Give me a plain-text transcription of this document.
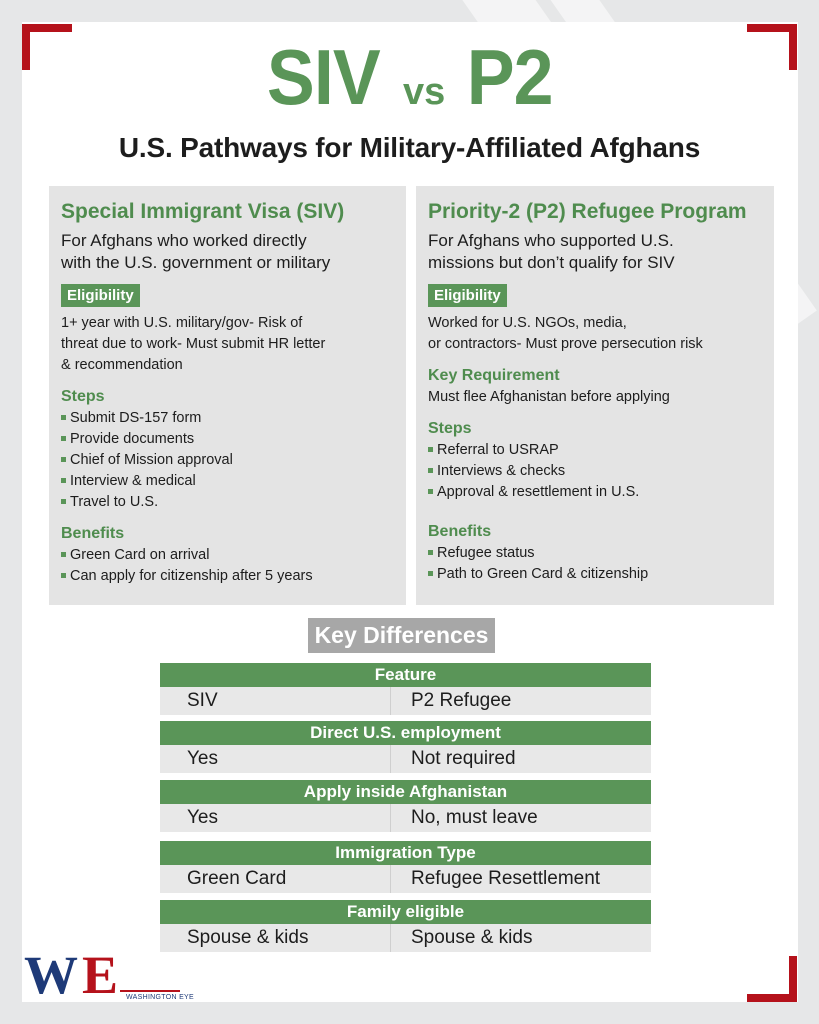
SIV vs P2
U.S. Pathways for Military-Affiliated Afghans
Special Immigrant Visa (SIV)
For Afghans who worked directly
with the U.S. government or military
Eligibility
1+ year with U.S. military/gov- Risk of
threat due to work- Must submit HR letter
& recommendation
Steps
Submit DS-157 form
Provide documents
Chief of Mission approval
Interview & medical
Travel to U.S.
Benefits
Green Card on arrival
Can apply for citizenship after 5 years
Priority-2 (P2) Refugee Program
For Afghans who supported U.S.
missions but don’t qualify for SIV
Eligibility
Worked for U.S. NGOs, media,
or contractors- Must prove persecution risk
Key Requirement
Must flee Afghanistan before applying
Steps
Referral to USRAP
Interviews & checks
Approval & resettlement in U.S.
Benefits
Refugee status
Path to Green Card & citizenship
Key Differences
Feature
SIV	P2 Refugee
Direct U.S. employment
Yes	Not required
Apply inside Afghanistan
Yes	No, must leave
Immigration Type
Green Card	Refugee Resettlement
Family eligible
Spouse & kids	Spouse & kids
W E WASHINGTON EYE
